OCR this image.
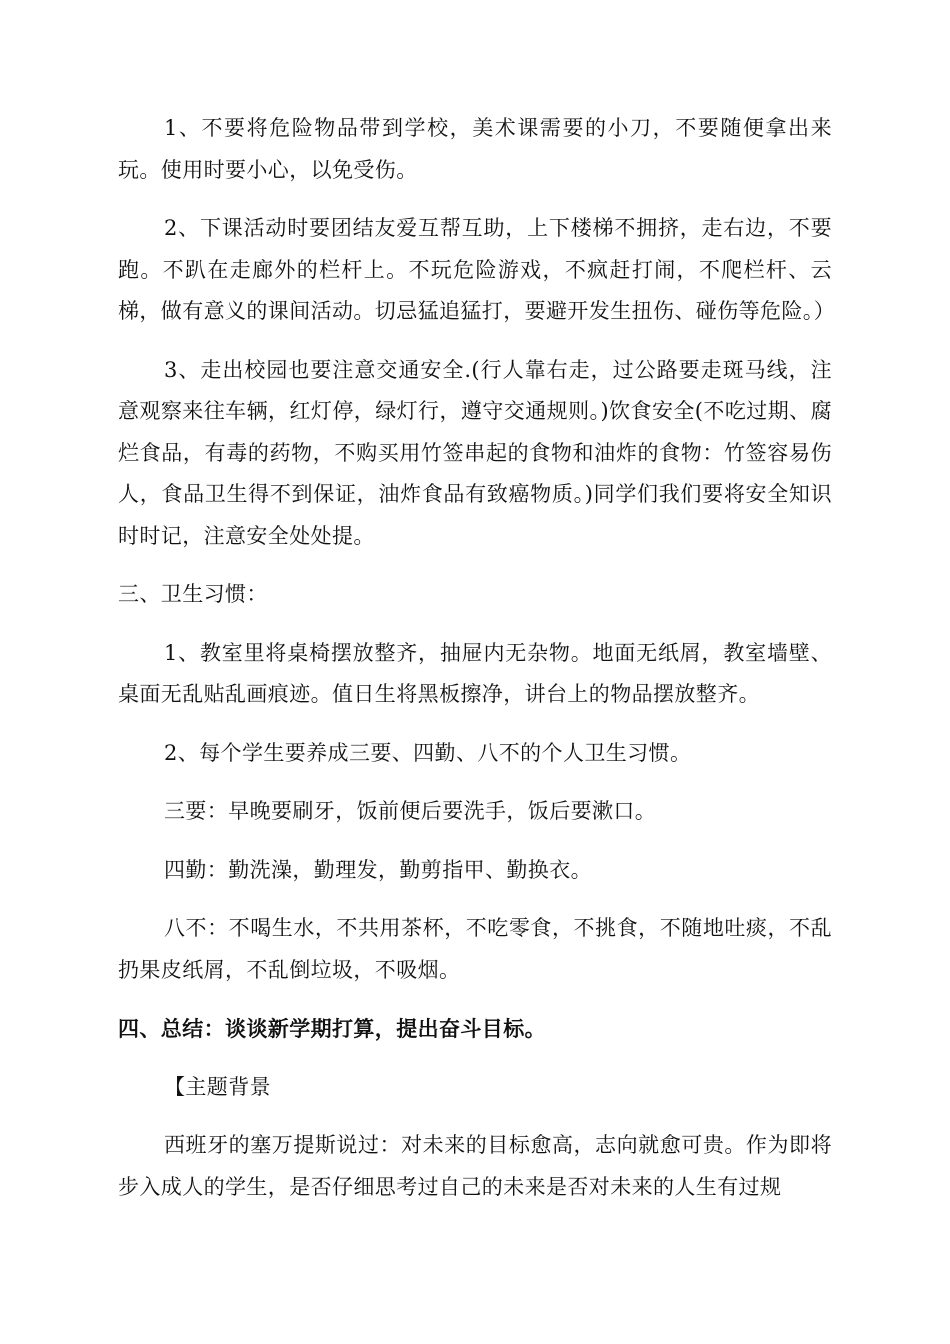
1、不要将危险物品带到学校，美术课需要的小刀，不要随便拿出来玩。使用时要小心，以免受伤。

2、下课活动时要团结友爱互帮互助，上下楼梯不拥挤，走右边，不要跑。不趴在走廊外的栏杆上。不玩危险游戏，不疯赶打闹，不爬栏杆、云梯，做有意义的课间活动。切忌猛追猛打，要避开发生扭伤、碰伤等危险。）

3、走出校园也要注意交通安全.(行人靠右走，过公路要走斑马线，注意观察来往车辆，红灯停，绿灯行，遵守交通规则。)饮食安全(不吃过期、腐烂食品，有毒的药物，不购买用竹签串起的食物和油炸的食物：竹签容易伤人，食品卫生得不到保证，油炸食品有致癌物质。)同学们我们要将安全知识时时记，注意安全处处提。

三、卫生习惯：

1、教室里将桌椅摆放整齐，抽屉内无杂物。地面无纸屑，教室墙壁、桌面无乱贴乱画痕迹。值日生将黑板擦净，讲台上的物品摆放整齐。

2、每个学生要养成三要、四勤、八不的个人卫生习惯。

三要：早晚要刷牙，饭前便后要洗手，饭后要漱口。

四勤：勤洗澡，勤理发，勤剪指甲、勤换衣。

八不：不喝生水，不共用茶杯，不吃零食，不挑食，不随地吐痰，不乱扔果皮纸屑，不乱倒垃圾，不吸烟。

四、总结：谈谈新学期打算，提出奋斗目标。

【主题背景

西班牙的塞万提斯说过：对未来的目标愈高，志向就愈可贵。作为即将步入成人的学生，是否仔细思考过自己的未来是否对未来的人生有过规
